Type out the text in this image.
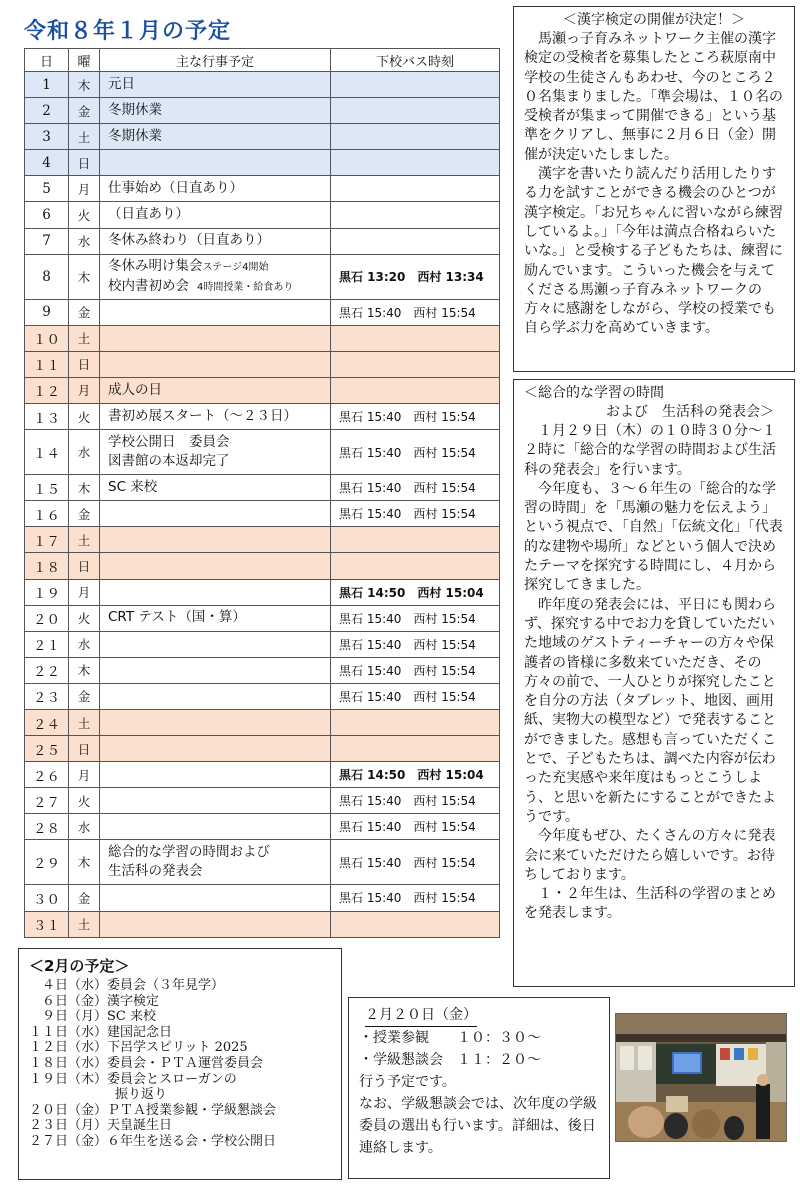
令和８年１月の予定
日	曜	主な行事予定	下校バス時刻
1	木	元日	

2	金	冬期休業	

3	土	冬期休業	

4	日		
5	月	仕事始め（日直あり）	

6	火	（日直あり）	

7	水	冬休み終わり（日直あり）	

8	木	冬休み明け集会ステージ4開始
校内書初め会 4時間授業・給食あり	黒石 13:20　西村 13:34
9	金		黒石 15:40　西村 15:54
１０	土		
１１	日		
１２	月	成人の日	

１３	火	書初め展スタート（～２３日）	黒石 15:40　西村 15:54
１４	水	学校公開日　委員会
図書館の本返却完了	黒石 15:40　西村 15:54
１５	木	SC 来校	黒石 15:40　西村 15:54
１６	金		黒石 15:40　西村 15:54
１７	土		
１８	日		
１９	月		黒石 14:50　西村 15:04
２０	火	CRT テスト（国・算）	黒石 15:40　西村 15:54
２１	水		黒石 15:40　西村 15:54
２２	木		黒石 15:40　西村 15:54
２３	金		黒石 15:40　西村 15:54
２４	土		
２５	日		
２６	月		黒石 14:50　西村 15:04
２７	火		黒石 15:40　西村 15:54
２８	水		黒石 15:40　西村 15:54
２９	木	総合的な学習の時間および
生活科の発表会	黒石 15:40　西村 15:54
３０	金		黒石 15:40　西村 15:54
３１	土		
＜漢字検定の開催が決定！＞

馬瀬っ子育みネットワーク主催の漢字検定の受検者を募集したところ萩原南中学校の生徒さんもあわせ、今のところ２０名集まりました。「準会場は、１０名の受検者が集まって開催できる」という基準をクリアし、無事に２月６日（金）開催が決定いたしました。

漢字を書いたり読んだり活用したりする力を試すことができる機会のひとつが漢字検定。「お兄ちゃんに習いながら練習しているよ。」「今年は満点合格ねらいたいな。」と受検する子どもたちは、練習に励んでいます。こういった機会を与えてくださる馬瀬っ子育みネットワークの方々に感謝をしながら、学校の授業でも自ら学ぶ力を高めていきます。

＜総合的な学習の時間
および　生活科の発表会＞

１月２９日（木）の１０時３０分～１２時に「総合的な学習の時間および生活科の発表会」を行います。

今年度も、３～６年生の「総合的な学習の時間」を「馬瀬の魅力を伝えよう」という視点で、「自然」「伝統文化」「代表的な建物や場所」などという個人で決めたテーマを探究する時間にし、４月から探究してきました。

昨年度の発表会には、平日にも関わらず、探究する中でお力を貸していただいた地域のゲストティーチャーの方々や保護者の皆様に多数来ていただき、その方々の前で、一人ひとりが探究したことを自分の方法（タブレット、地図、画用紙、実物大の模型など）で発表することができました。感想も言っていただくことで、子どもたちは、調べた内容が伝わった充実感や来年度はもっとこうしよう、と思いを新たにすることができたようです。

今年度もぜひ、たくさんの方々に発表会に来ていただけたら嬉しいです。お待ちしております。

１・２年生は、生活科の学習のまとめを発表します。

＜2月の予定＞
　４日（水）委員会（３年見学）
　６日（金）漢字検定
　９日（月）SC 来校
１１日（水）建国記念日
１２日（水）下呂学スピリット 2025
１８日（水）委員会・ＰＴＡ運営委員会
１９日（木）委員会とスローガンの
振り返り
２０日（金）ＰＴＡ授業参観・学級懇談会
２３日（月）天皇誕生日
２７日（金）６年生を送る会・学校公開日
２月２０日（金）
・授業参観　　１０：３０～
・学級懇談会　１１：２０～
行う予定です。
なお、学級懇談会では、次年度の学級委員の選出も行います。詳細は、後日連絡します。
